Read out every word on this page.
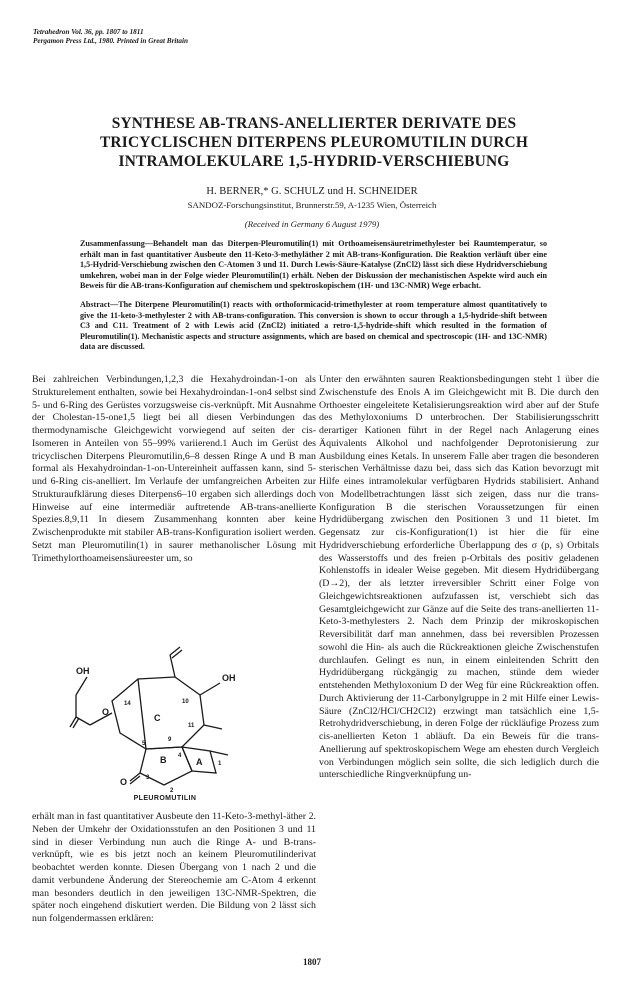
Tetrahedron Vol. 36, pp. 1807 to 1811
Pergamon Press Ltd., 1980. Printed in Great Britain
SYNTHESE AB-TRANS-ANELLIERTER DERIVATE DES
TRICYCLISCHEN DITERPENS PLEUROMUTILIN DURCH
INTRAMOLEKULARE 1,5-HYDRID-VERSCHIEBUNG
H. BERNER,* G. SCHULZ und H. SCHNEIDER
SANDOZ-Forschungsinstitut, Brunnerstr.59, A-1235 Wien, Österreich
(Received in Germany 6 August 1979)

Zusammenfassung—Behandelt man das Diterpen-Pleuromutilin(1) mit Orthoameisensäuretrimethylester bei Raumtemperatur, so erhält man in fast quantitativer Ausbeute den 11-Keto-3-methyläther 2 mit AB-trans-Konfiguration. Die Reaktion verläuft über eine 1,5-Hydrid-Verschiebung zwischen den C-Atomen 3 und 11. Durch Lewis-Säure-Katalyse (ZnCl2) lässt sich diese Hydridverschiebung umkehren, wobei man in der Folge wieder Pleuromutilin(1) erhält. Neben der Diskussion der mechanistischen Aspekte wird auch ein Beweis für die AB-trans-Konfiguration auf chemischem und spektroskopischem (1H- und 13C-NMR) Wege erbacht.

Abstract—The Diterpene Pleuromutilin(1) reacts with orthoformicacid-trimethylester at room temperature almost quantitatively to give the 11-keto-3-methylester 2 with AB-trans-configuration. This conversion is shown to occur through a 1,5-hydride-shift between C3 and C11. Treatment of 2 with Lewis acid (ZnCl2) initiated a retro-1,5-hydride-shift which resulted in the formation of Pleuromutilin(1). Mechanistic aspects and structure assignments, which are based on chemical and spectroscopic (1H- and 13C-NMR) data are discussed.

Bei zahlreichen Verbindungen,1,2,3 die Hexahydroindan-1-on als Strukturelement enthalten, sowie bei Hexahydroindan-1-on4 selbst sind 5- und 6-Ring des Gerüstes vorzugsweise cis-verknüpft. Mit Ausnahme der Cholestan-15-one1,5 liegt bei all diesen Verbindungen das thermodynamische Gleichgewicht vorwiegend auf seiten der cis-Isomeren in Anteilen von 55–99% variierend.1 Auch im Gerüst des tricyclischen Diterpens Pleuromutilin,6–8 dessen Ringe A und B man formal als Hexahydroindan-1-on-Untereinheit auffassen kann, sind 5- und 6-Ring cis-anelliert. Im Verlaufe der umfangreichen Arbeiten zur Strukturaufklärung dieses Diterpens6–10 ergaben sich allerdings doch Hinweise auf eine intermediär auftretende AB-trans-anellierte Spezies.8,9,11 In diesem Zusammenhang konnten aber keine Zwischenprodukte mit stabiler AB-trans-Konfiguration isoliert werden. Setzt man Pleuromutilin(1) in saurer methanolischer Lösung mit Trimethylorthoameisensäureester um, so

OH
OH
O
C
B	A
O
14	10
11
9
5
4
1
3
2
PLEUROMUTILIN

erhält man in fast quantitativer Ausbeute den 11-Keto-3-methyl-äther 2. Neben der Umkehr der Oxidationsstufen an den Positionen 3 und 11 sind in dieser Verbindung nun auch die Ringe A- und B-trans-verknüpft, wie es bis jetzt noch an keinem Pleuromutilinderivat beobachtet werden konnte. Diesen Übergang von 1 nach 2 und die damit verbundene Änderung der Stereochemie am C-Atom 4 erkennt man besonders deutlich in den jeweiligen 13C-NMR-Spektren, die später noch eingehend diskutiert werden. Die Bildung von 2 lässt sich nun folgendermassen erklären:

Unter den erwähnten sauren Reaktionsbedingungen steht 1 über die Zwischenstufe des Enols A im Gleichgewicht mit B. Die durch den Orthoester eingeleitete Ketalisierungsreaktion wird aber auf der Stufe des Methyloxoniums D unterbrochen. Der Stabilisierungsschritt derartiger Kationen führt in der Regel nach Anlagerung eines Äquivalents Alkohol und nachfolgender Deprotonisierung zur Ausbildung eines Ketals. In unserem Falle aber tragen die besonderen sterischen Verhältnisse dazu bei, dass sich das Kation bevorzugt mit Hilfe eines intramolekular verfügbaren Hydrids stabilisiert. Anhand von Modellbetrachtungen lässt sich zeigen, dass nur die trans-Konfiguration B die sterischen Voraussetzungen für einen Hydridübergang zwischen den Positionen 3 und 11 bietet. Im Gegensatz zur cis-Konfiguration(1) ist hier die für eine Hydridverschiebung erforderliche Überlappung des σ (p, s) Orbitals des Wasserstoffs und des freien p-Orbitals des positiv geladenen Kohlenstoffs in idealer Weise gegeben. Mit diesem Hydridübergang (D→2), der als letzter irreversibler Schritt einer Folge von Gleichgewichtsreaktionen aufzufassen ist, verschiebt sich das Gesamtgleichgewicht zur Gänze auf die Seite des trans-anellierten 11-Keto-3-methylesters 2. Nach dem Prinzip der mikroskopischen Reversibilität darf man annehmen, dass bei reversiblen Prozessen sowohl die Hin- als auch die Rückreaktionen gleiche Zwischenstufen durchlaufen. Gelingt es nun, in einem einleitenden Schritt den Hydridübergang rückgängig zu machen, stünde dem wieder entstehenden Methyloxonium D der Weg für eine Rückreaktion offen. Durch Aktivierung der 11-Carbonylgruppe in 2 mit Hilfe einer Lewis-Säure (ZnCl2/HCl/CH2Cl2) erzwingt man tatsächlich eine 1,5-Retrohydridverschiebung, in deren Folge der rückläufige Prozess zum cis-anellierten Keton 1 abläuft. Da ein Beweis für die trans-Anellierung auf spektroskopischem Wege am ehesten durch Vergleich von Verbindungen möglich sein sollte, die sich lediglich durch die unterschiedliche Ringverknüpfung un-

1807
